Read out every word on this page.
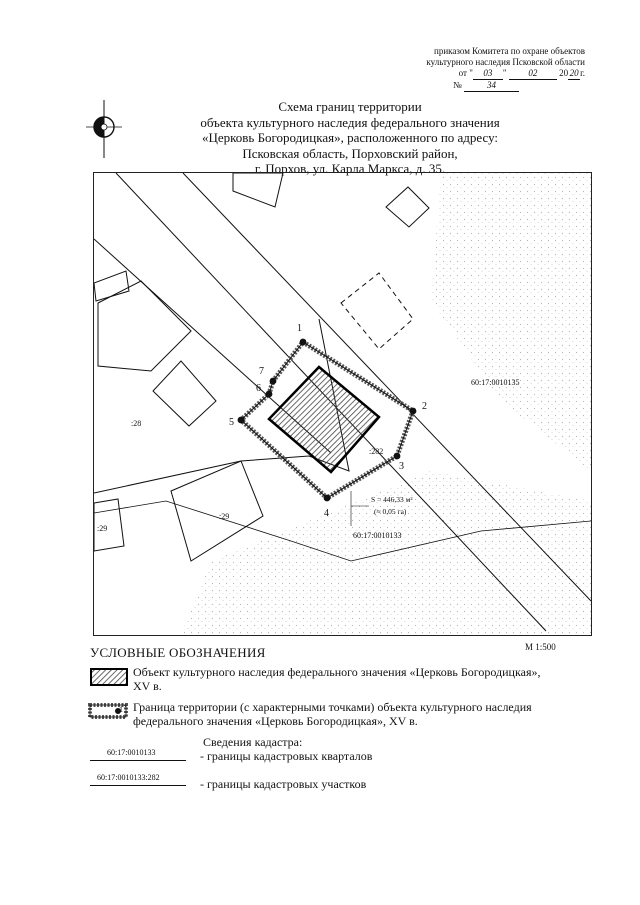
приказом Комитета по охране объектов
культурного наследия Псковской области
от " 03 " 02 20 20 г.
№	34
Схема границ территории
объекта культурного наследия федерального значения
«Церковь Богородицкая», расположенного по адресу:
Псковская область, Порховский район,
г. Порхов, ул. Карла Маркса, д. 35.
1
2
3
4
5
6
7
:282
:28
:29
:29
60:17:0010135
60:17:0010133
S = 446,33 м²
(≈ 0,05 га)
УСЛОВНЫЕ ОБОЗНАЧЕНИЯ	М 1:500
Объект культурного наследия федерального значения «Церковь Богородицкая»,
XV в.
1 Граница территории (с характерными точками) объекта культурного наследия
федерального значения «Церковь Богородицкая», XV в.
Сведения кадастра:
60:17:0010133	- границы кадастровых кварталов
60:17:0010133:282	- границы кадастровых участков
